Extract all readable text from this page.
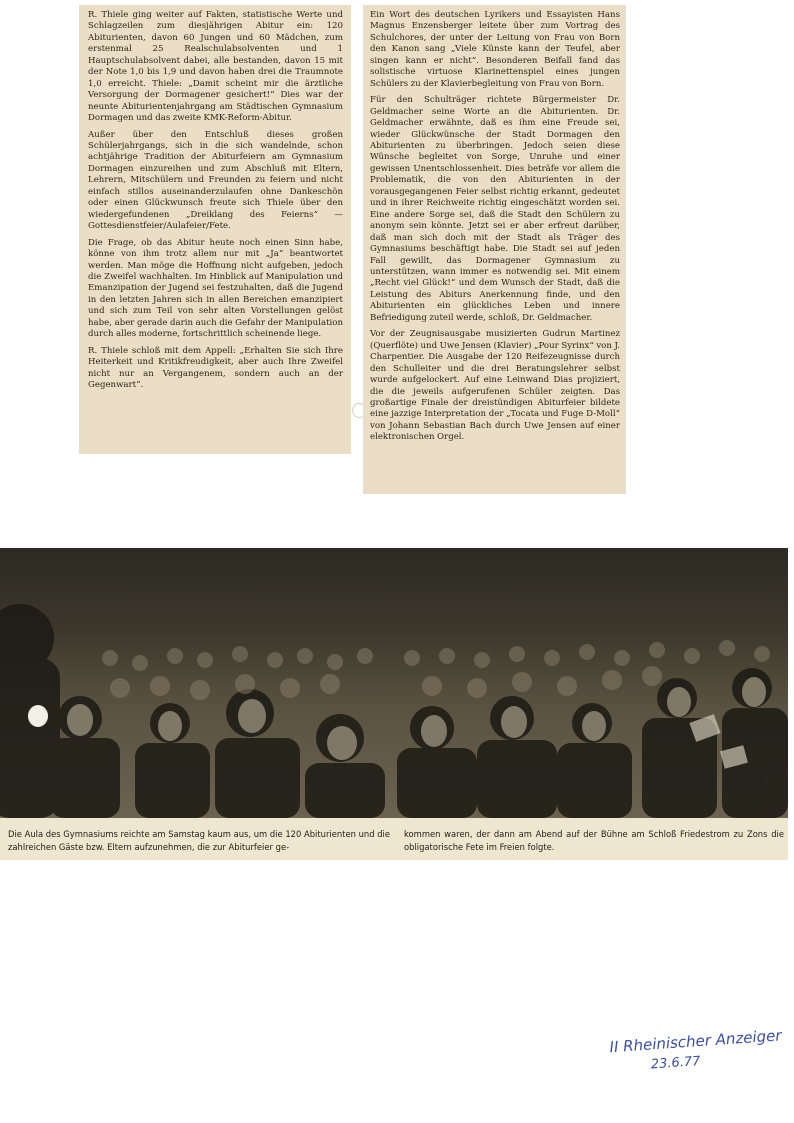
R. Thiele ging weiter auf Fakten, statistische Werte und Schlagzeilen zum diesjährigen Abitur ein: 120 Abiturienten, davon 60 Jungen und 60 Mädchen, zum erstenmal 25 Realschulabsolventen und 1 Hauptschulabsolvent dabei, alle bestanden, davon 15 mit der Note 1,0 bis 1,9 und davon haben drei die Traumnote 1,0 erreicht. Thiele: „Damit scheint mir die ärztliche Versorgung der Dormagener gesichert!“ Dies war der neunte Abiturientenjahrgang am Städtischen Gymnasium Dormagen und das zweite KMK-Reform-Abitur.

Außer über den Entschluß dieses großen Schülerjahrgangs, sich in die sich wandelnde, schon achtjährige Tradition der Abiturfeiern am Gymnasium Dormagen einzureihen und zum Abschluß mit Eltern, Lehrern, Mitschülern und Freunden zu feiern und nicht einfach stillos auseinanderzulaufen ohne Dankeschön oder einen Glückwunsch freute sich Thiele über den wiedergefundenen „Dreiklang des Feierns“ — Gottesdienstfeier/Aulafeier/Fete.

Die Frage, ob das Abitur heute noch einen Sinn habe, könne von ihm trotz allem nur mit „Ja“ beantwortet werden. Man möge die Hoffnung nicht aufgeben, jedoch die Zweifel wachhalten. Im Hinblick auf Manipulation und Emanzipation der Jugend sei festzuhalten, daß die Jugend in den letzten Jahren sich in allen Bereichen emanzipiert und sich zum Teil von sehr alten Vorstellungen gelöst habe, aber gerade darin auch die Gefahr der Manipulation durch alles moderne, fortschrittlich scheinende liege.

R. Thiele schloß mit dem Appell: „Erhalten Sie sich Ihre Heiterkeit und Kritikfreudigkeit, aber auch Ihre Zweifel nicht nur an Vergangenem, sondern auch an der Gegenwart“.

Ein Wort des deutschen Lyrikers und Essayisten Hans Magnus Enzensberger leitete über zum Vortrag des Schulchores, der unter der Leitung von Frau von Born den Kanon sang „Viele Künste kann der Teufel, aber singen kann er nicht“. Besonderen Beifall fand das solistische virtuose Klarinettenspiel eines jungen Schülers zu der Klavierbegleitung von Frau von Born.

Für den Schulträger richtete Bürgermeister Dr. Geldmacher seine Worte an die Abiturienten. Dr. Geldmacher erwähnte, daß es ihm eine Freude sei, wieder Glückwünsche der Stadt Dormagen den Abiturienten zu überbringen. Jedoch seien diese Wünsche begleitet von Sorge, Unruhe und einer gewissen Unentschlossenheit. Dies beträfe vor allem die Problematik, die von den Abiturienten in der vorausgegangenen Feier selbst richtig erkannt, gedeutet und in ihrer Reichweite richtig eingeschätzt worden sei. Eine andere Sorge sei, daß die Stadt den Schülern zu anonym sein könnte. Jetzt sei er aber erfreut darüber, daß man sich doch mit der Stadt als Träger des Gymnasiums beschäftigt habe. Die Stadt sei auf jeden Fall gewillt, das Dormagener Gymnasium zu unterstützen, wann immer es notwendig sei. Mit einem „Recht viel Glück!“ und dem Wunsch der Stadt, daß die Leistung des Abiturs Anerkennung finde, und den Abiturienten ein glückliches Leben und innere Befriedigung zuteil werde, schloß, Dr. Geldmacher.

Vor der Zeugnisausgabe musizierten Gudrun Martinez (Querflöte) und Uwe Jensen (Klavier) „Pour Syrinx“ von J. Charpentier. Die Ausgabe der 120 Reifezeugnisse durch den Schulleiter und die drei Beratungslehrer selbst wurde aufgelockert. Auf eine Leinwand Dias projiziert, die die jeweils aufgerufenen Schüler zeigten. Das großartige Finale der dreistündigen Abiturfeier bildete eine jazzige Interpretation der „Tocata und Fuge D-Moll“ von Johann Sebastian Bach durch Uwe Jensen auf einer elektronischen Orgel.

Die Aula des Gymnasiums reichte am Samstag kaum aus, um die 120 Abiturienten und die zahlreichen Gäste bzw. Eltern aufzunehmen, die zur Abiturfeier ge-
kommen waren, der dann am Abend auf der Bühne am Schloß Friedestrom zu Zons die obligatorische Fete im Freien folgte.
II Rheinischer Anzeiger
23.6.77
